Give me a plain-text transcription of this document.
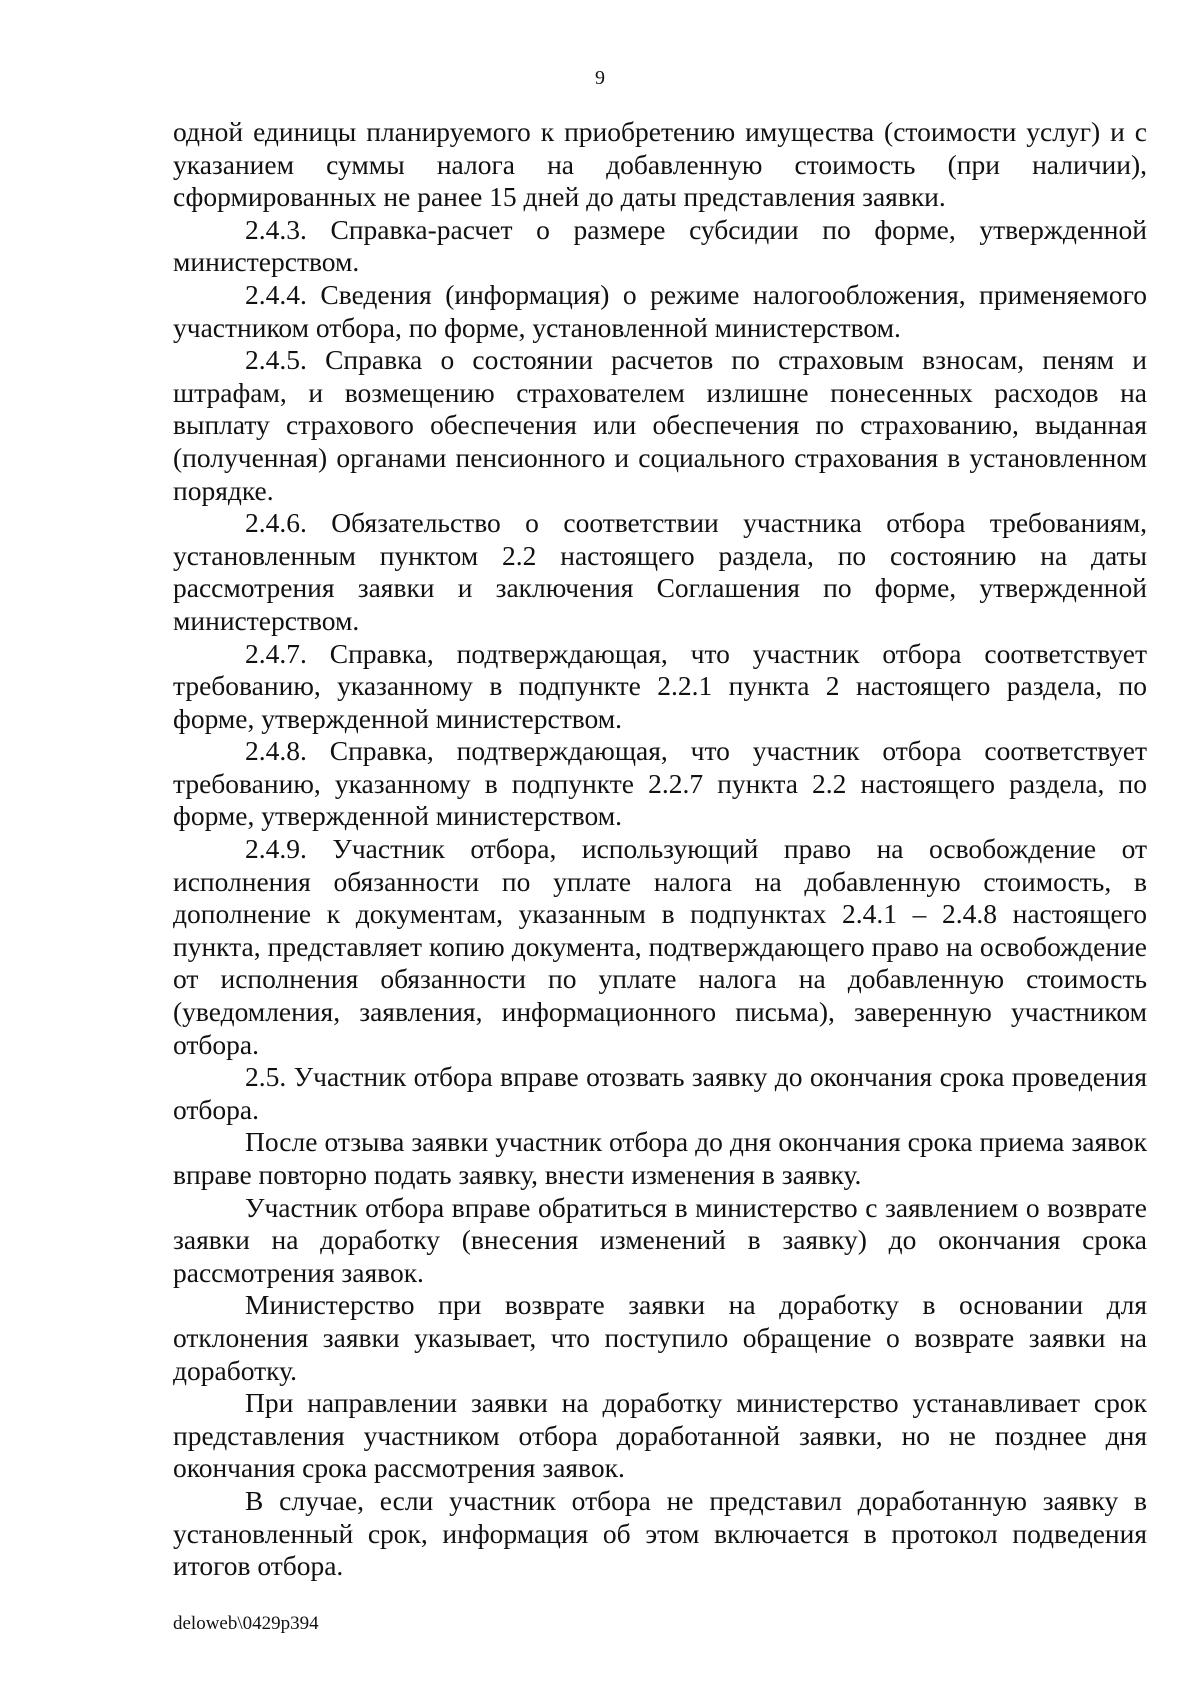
9

одной единицы планируемого к приобретению имущества (стоимости услуг) и с указанием суммы налога на добавленную стоимость (при наличии), сформированных не ранее 15 дней до даты представления заявки.

2.4.3. Справка-расчет о размере субсидии по форме, утвержденной министерством.

2.4.4. Сведения (информация) о режиме налогообложения, применяемого участником отбора, по форме, установленной министерством.

2.4.5. Справка о состоянии расчетов по страховым взносам, пеням и штрафам, и возмещению страхователем излишне понесенных расходов на выплату страхового обеспечения или обеспечения по страхованию, выданная (полученная) органами пенсионного и социального страхования в установленном порядке.

2.4.6. Обязательство о соответствии участника отбора требованиям, установленным пунктом 2.2 настоящего раздела, по состоянию на даты рассмотрения заявки и заключения Соглашения по форме, утвержденной министерством.

2.4.7. Справка, подтверждающая, что участник отбора соответствует требованию, указанному в подпункте 2.2.1 пункта 2 настоящего раздела, по форме, утвержденной министерством.

2.4.8. Справка, подтверждающая, что участник отбора соответствует требованию, указанному в подпункте 2.2.7 пункта 2.2 настоящего раздела, по форме, утвержденной министерством.

2.4.9. Участник отбора, использующий право на освобождение от исполнения обязанности по уплате налога на добавленную стоимость, в дополнение к документам, указанным в подпунктах 2.4.1 – 2.4.8 настоящего пункта, представляет копию документа, подтверждающего право на освобождение от исполнения обязанности по уплате налога на добавленную стоимость (уведомления, заявления, информационного письма), заверенную участником отбора.

2.5. Участник отбора вправе отозвать заявку до окончания срока проведения отбора.

После отзыва заявки участник отбора до дня окончания срока приема заявок вправе повторно подать заявку, внести изменения в заявку.

Участник отбора вправе обратиться в министерство с заявлением о возврате заявки на доработку (внесения изменений в заявку) до окончания срока рассмотрения заявок.

Министерство при возврате заявки на доработку в основании для отклонения заявки указывает, что поступило обращение о возврате заявки на доработку.

При направлении заявки на доработку министерство устанавливает срок представления участником отбора доработанной заявки, но не позднее дня окончания срока рассмотрения заявок.

В случае, если участник отбора не представил доработанную заявку в установленный срок, информация об этом включается в протокол подведения итогов отбора.

deloweb\0429p394
